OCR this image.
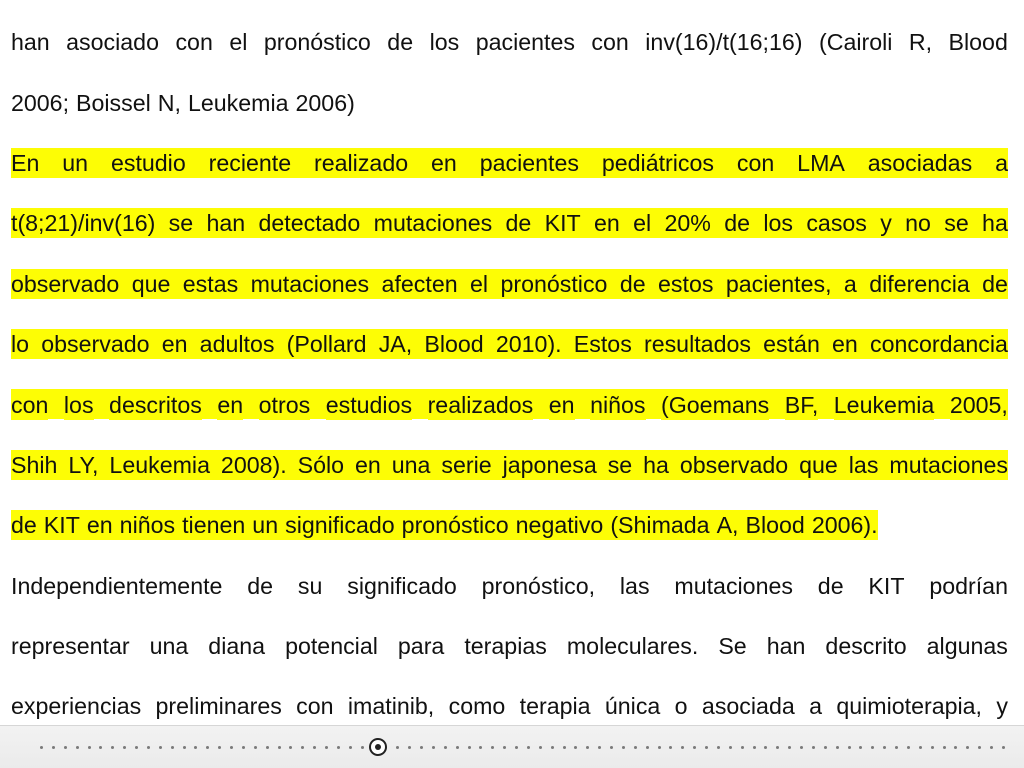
han asociado con el pronóstico de los pacientes con inv(16)/t(16;16) (Cairoli R, Blood
2006; Boissel N, Leukemia 2006)
En un estudio reciente realizado en pacientes pediátricos con LMA asociadas a
t(8;21)/inv(16) se han detectado mutaciones de KIT en el 20% de los casos y no se ha
observado que estas mutaciones afecten el pronóstico de estos pacientes, a diferencia de
lo observado en adultos (Pollard JA, Blood 2010). Estos resultados están en concordancia
con los descritos en otros estudios realizados en niños (Goemans BF, Leukemia 2005,
Shih LY, Leukemia 2008). Sólo en una serie japonesa se ha observado que las mutaciones
de KIT en niños tienen un significado pronóstico negativo (Shimada A, Blood 2006).
Independientemente de su significado pronóstico, las mutaciones de KIT podrían
representar una diana potencial para terapias moleculares. Se han descrito algunas
experiencias preliminares con imatinib, como terapia única o asociada a quimioterapia, y
